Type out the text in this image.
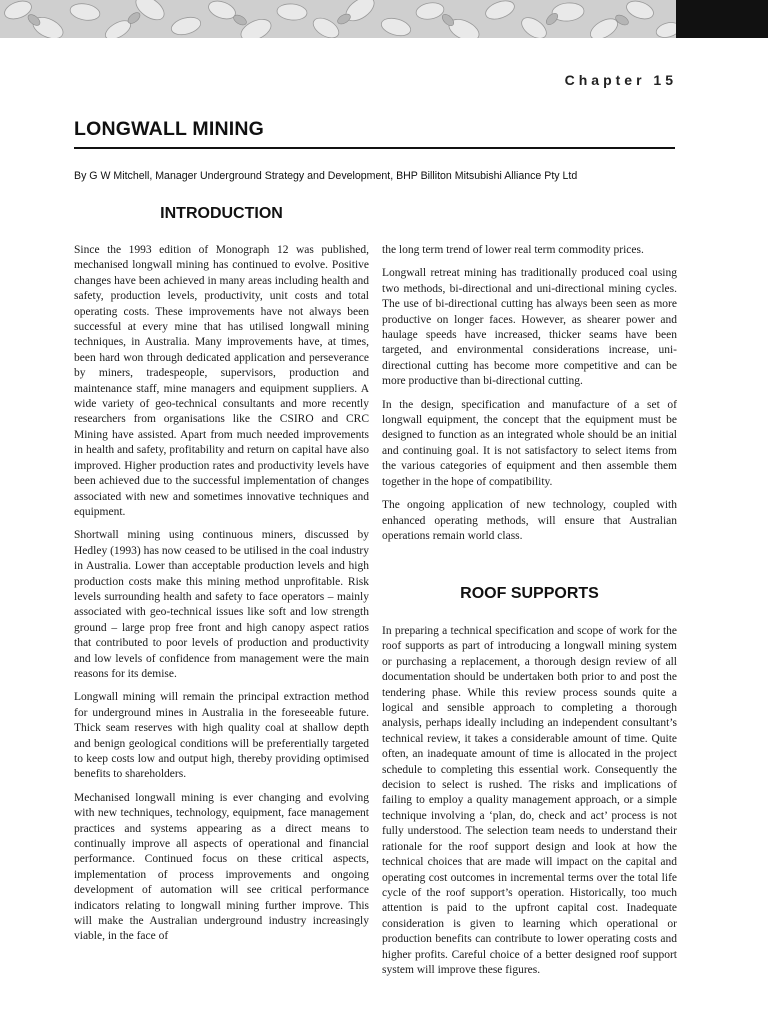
Chapter 15
LONGWALL MINING
By G W Mitchell, Manager Underground Strategy and Development, BHP Billiton Mitsubishi Alliance Pty Ltd
INTRODUCTION

Since the 1993 edition of Monograph 12 was published, mechanised longwall mining has continued to evolve. Positive changes have been achieved in many areas including health and safety, production levels, productivity, unit costs and total operating costs. These improvements have not always been successful at every mine that has utilised longwall mining techniques, in Australia. Many improvements have, at times, been hard won through dedicated application and perseverance by miners, tradespeople, supervisors, production and maintenance staff, mine managers and equipment suppliers. A wide variety of geo-technical consultants and more recently researchers from organisations like the CSIRO and CRC Mining have assisted. Apart from much needed improvements in health and safety, profitability and return on capital have also improved. Higher production rates and productivity levels have been achieved due to the successful implementation of changes associated with new and sometimes innovative techniques and equipment.

Shortwall mining using continuous miners, discussed by Hedley (1993) has now ceased to be utilised in the coal industry in Australia. Lower than acceptable production levels and high production costs make this mining method unprofitable. Risk levels surrounding health and safety to face operators – mainly associated with geo-technical issues like soft and low strength ground – large prop free front and high canopy aspect ratios that contributed to poor levels of production and productivity and low levels of confidence from management were the main reasons for its demise.

Longwall mining will remain the principal extraction method for underground mines in Australia in the foreseeable future. Thick seam reserves with high quality coal at shallow depth and benign geological conditions will be preferentially targeted to keep costs low and output high, thereby providing optimised benefits to shareholders.

Mechanised longwall mining is ever changing and evolving with new techniques, technology, equipment, face management practices and systems appearing as a direct means to continually improve all aspects of operational and financial performance. Continued focus on these critical aspects, implementation of process improvements and ongoing development of automation will see critical performance indicators relating to longwall mining further improve. This will make the Australian underground industry increasingly viable, in the face of

the long term trend of lower real term commodity prices.

Longwall retreat mining has traditionally produced coal using two methods, bi-directional and uni-directional mining cycles. The use of bi-directional cutting has always been seen as more productive on longer faces. However, as shearer power and haulage speeds have increased, thicker seams have been targeted, and environmental considerations increase, uni-directional cutting has become more competitive and can be more productive than bi-directional cutting.

In the design, specification and manufacture of a set of longwall equipment, the concept that the equipment must be designed to function as an integrated whole should be an initial and continuing goal. It is not satisfactory to select items from the various categories of equipment and then assemble them together in the hope of compatibility.

The ongoing application of new technology, coupled with enhanced operating methods, will ensure that Australian operations remain world class.

ROOF SUPPORTS

In preparing a technical specification and scope of work for the roof supports as part of introducing a longwall mining system or purchasing a replacement, a thorough design review of all documentation should be undertaken both prior to and post the tendering phase. While this review process sounds quite a logical and sensible approach to completing a thorough analysis, perhaps ideally including an independent consultant’s technical review, it takes a considerable amount of time. Quite often, an inadequate amount of time is allocated in the project schedule to completing this essential work. Consequently the decision to select is rushed. The risks and implications of failing to employ a quality management approach, or a simple technique involving a ‘plan, do, check and act’ process is not fully understood. The selection team needs to understand their rationale for the roof support design and look at how the technical choices that are made will impact on the capital and operating cost outcomes in incremental terms over the total life cycle of the roof support’s operation. Historically, too much attention is paid to the upfront capital cost. Inadequate consideration is given to learning which operational or production benefits can contribute to lower operating costs and higher profits. Careful choice of a better designed roof support system will improve these figures.
